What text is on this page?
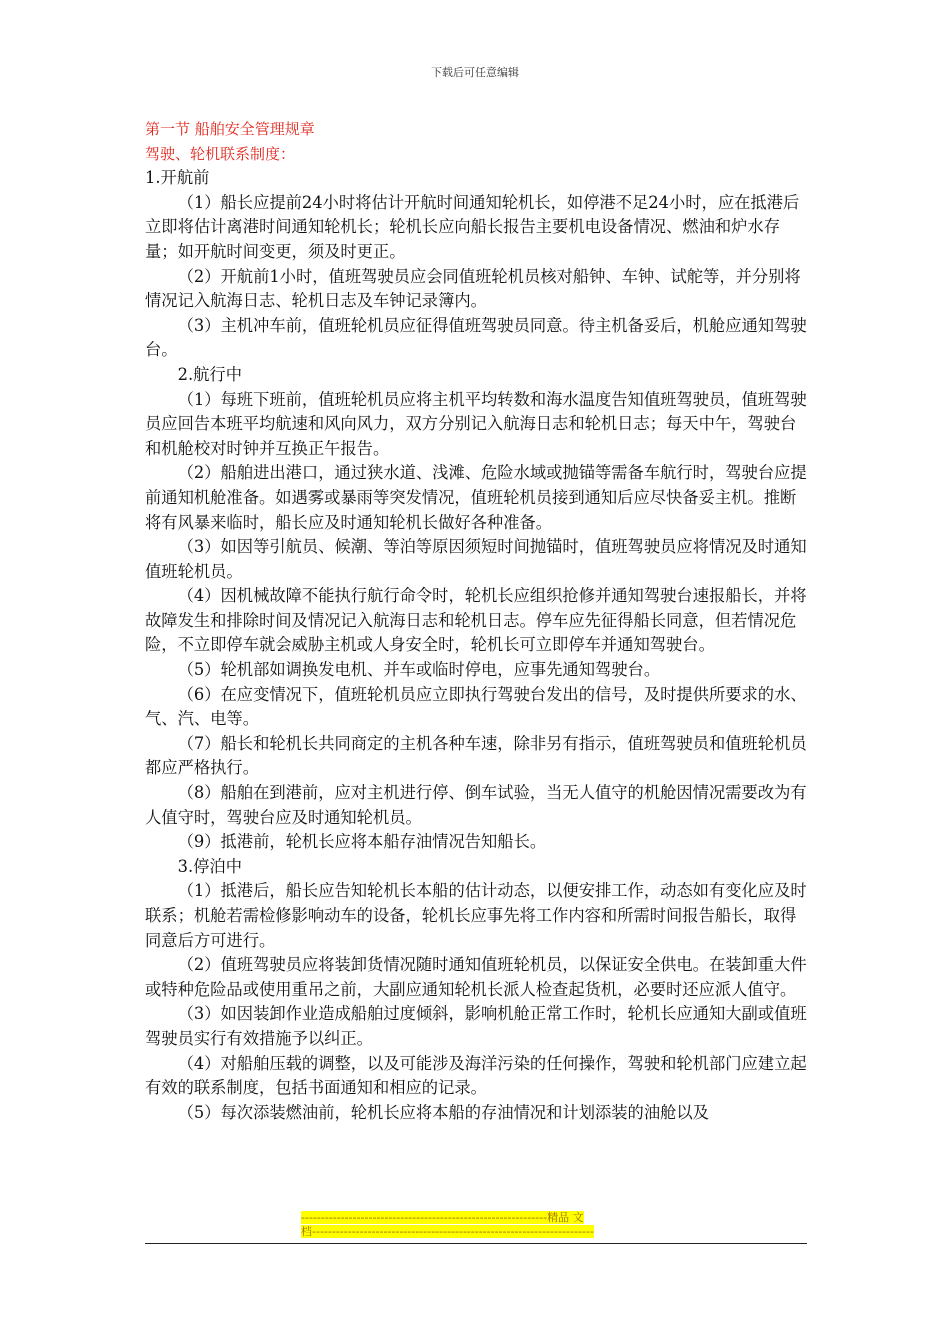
下载后可任意编辑

第一节 船舶安全管理规章

驾驶、轮机联系制度：

1.开航前

（1）船长应提前24小时将估计开航时间通知轮机长，如停港不足24小时，应在抵港后立即将估计离港时间通知轮机长；轮机长应向船长报告主要机电设备情况、燃油和炉水存量；如开航时间变更，须及时更正。

（2）开航前1小时，值班驾驶员应会同值班轮机员核对船钟、车钟、试舵等，并分别将情况记入航海日志、轮机日志及车钟记录簿内。

（3）主机冲车前，值班轮机员应征得值班驾驶员同意。待主机备妥后，机舱应通知驾驶台。

2.航行中

（1）每班下班前，值班轮机员应将主机平均转数和海水温度告知值班驾驶员，值班驾驶员应回告本班平均航速和风向风力，双方分别记入航海日志和轮机日志；每天中午，驾驶台和机舱校对时钟并互换正午报告。

（2）船舶进出港口，通过狭水道、浅滩、危险水域或抛锚等需备车航行时，驾驶台应提前通知机舱准备。如遇雾或暴雨等突发情况，值班轮机员接到通知后应尽快备妥主机。推断将有风暴来临时，船长应及时通知轮机长做好各种准备。

（3）如因等引航员、候潮、等泊等原因须短时间抛锚时，值班驾驶员应将情况及时通知值班轮机员。

（4）因机械故障不能执行航行命令时，轮机长应组织抢修并通知驾驶台速报船长，并将故障发生和排除时间及情况记入航海日志和轮机日志。停车应先征得船长同意，但若情况危险，不立即停车就会威胁主机或人身安全时，轮机长可立即停车并通知驾驶台。

（5）轮机部如调换发电机、并车或临时停电，应事先通知驾驶台。

（6）在应变情况下，值班轮机员应立即执行驾驶台发出的信号，及时提供所要求的水、气、汽、电等。

（7）船长和轮机长共同商定的主机各种车速，除非另有指示，值班驾驶员和值班轮机员都应严格执行。

（8）船舶在到港前，应对主机进行停、倒车试验，当无人值守的机舱因情况需要改为有人值守时，驾驶台应及时通知轮机员。

（9）抵港前，轮机长应将本船存油情况告知船长。

3.停泊中

（1）抵港后，船长应告知轮机长本船的估计动态，以便安排工作，动态如有变化应及时联系；机舱若需检修影响动车的设备，轮机长应事先将工作内容和所需时间报告船长，取得同意后方可进行。

（2）值班驾驶员应将装卸货情况随时通知值班轮机员，以保证安全供电。在装卸重大件或特种危险品或使用重吊之前，大副应通知轮机长派人检查起货机，必要时还应派人值守。

（3）如因装卸作业造成船舶过度倾斜，影响机舱正常工作时，轮机长应通知大副或值班驾驶员实行有效措施予以纠正。

（4）对船舶压载的调整，以及可能涉及海洋污染的任何操作，驾驶和轮机部门应建立起有效的联系制度，包括书面通知和相应的记录。

（5）每次添装燃油前，轮机长应将本船的存油情况和计划添装的油舱以及

--------------------------------------------------------------精品 文
档-----------------------------------------------------------------------
